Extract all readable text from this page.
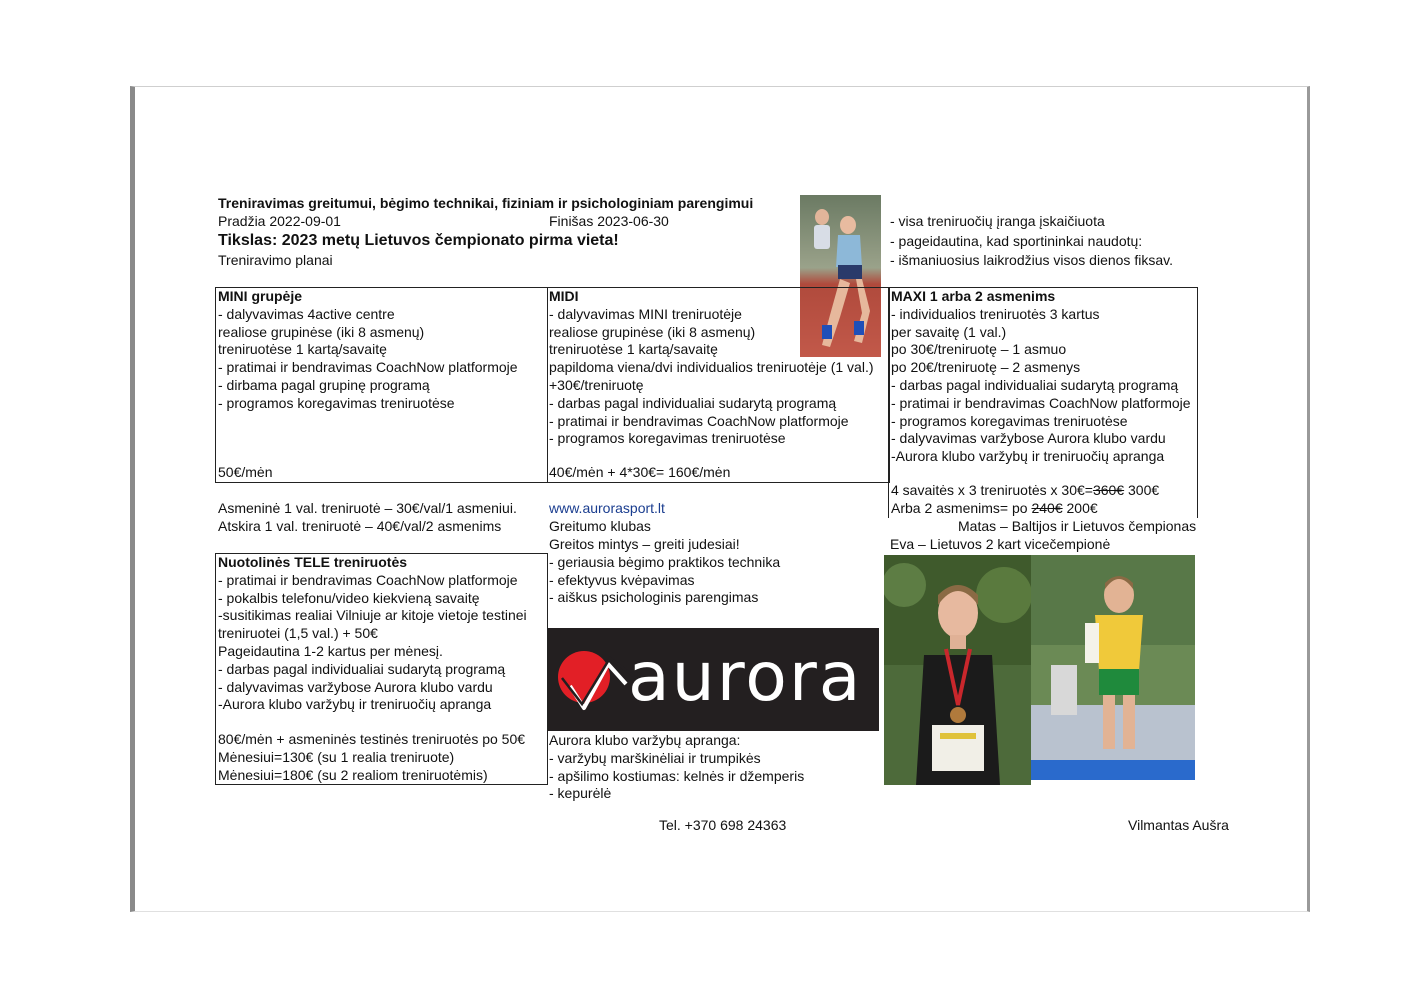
Treniravimas greitumui, bėgimo technikai, fiziniam ir psichologiniam parengimui
Pradžia 2022-09-01	Finišas 2023-06-30
Tikslas: 2023 metų Lietuvos čempionato pirma vieta!
Treniravimo planai
- visa treniruočių įranga įskaičiuota
- pageidautina, kad sportininkai naudotų:
- išmaniuosius laikrodžius visos dienos fiksav.
MINI grupėje
- dalyvavimas 4active centre
realiose grupinėse (iki 8 asmenų)
treniruotėse 1 kartą/savaitę
- pratimai ir bendravimas CoachNow platformoje
- dirbama pagal grupinę programą
- programos koregavimas treniruotėse
50€/mėn
MIDI
- dalyvavimas MINI treniruotėje
realiose grupinėse (iki 8 asmenų)
treniruotėse 1 kartą/savaitę
papildoma viena/dvi individualios treniruotėje (1 val.)
+30€/treniruotę
- darbas pagal individualiai sudarytą programą
- pratimai ir bendravimas CoachNow platformoje
- programos koregavimas treniruotėse
40€/mėn + 4*30€= 160€/mėn
MAXI 1 arba 2 asmenims
- individualios treniruotės 3 kartus
per savaitę (1 val.)
po 30€/treniruotę – 1 asmuo
po 20€/treniruotę – 2 asmenys
- darbas pagal individualiai sudarytą programą
- pratimai ir bendravimas CoachNow platformoje
- programos koregavimas treniruotėse
- dalyvavimas varžybose Aurora klubo vardu
-Aurora klubo varžybų ir treniruočių apranga
4 savaitės x 3 treniruotės x 30€=360€ 300€
Arba 2 asmenims= po 240€ 200€
Asmeninė 1 val. treniruotė – 30€/val/1 asmeniui.
Atskira 1 val. treniruotė – 40€/val/2 asmenims
www.aurorasport.lt
Greitumo klubas
Greitos mintys – greiti judesiai!
- geriausia bėgimo praktikos technika
- efektyvus kvėpavimas
- aiškus psichologinis parengimas
Matas – Baltijos ir Lietuvos čempionas
Eva – Lietuvos 2 kart vicečempionė
Nuotolinės TELE treniruotės
- pratimai ir bendravimas CoachNow platformoje
- pokalbis telefonu/video kiekvieną savaitę
-susitikimas realiai Vilniuje ar kitoje vietoje testinei
treniruotei (1,5 val.) + 50€
Pageidautina 1-2 kartus per mėnesį.
- darbas pagal individualiai sudarytą programą
- dalyvavimas varžybose Aurora klubo vardu
-Aurora klubo varžybų ir treniruočių apranga
80€/mėn + asmeninės testinės treniruotės po 50€
Mėnesiui=130€ (su 1 realia treniruote)
Mėnesiui=180€ (su 2 realiom treniruotėmis)
aurora
Aurora klubo varžybų apranga:
- varžybų marškinėliai ir trumpikės
- apšilimo kostiumas: kelnės ir džemperis
- kepurėlė
Tel. +370 698 24363	Vilmantas Aušra
